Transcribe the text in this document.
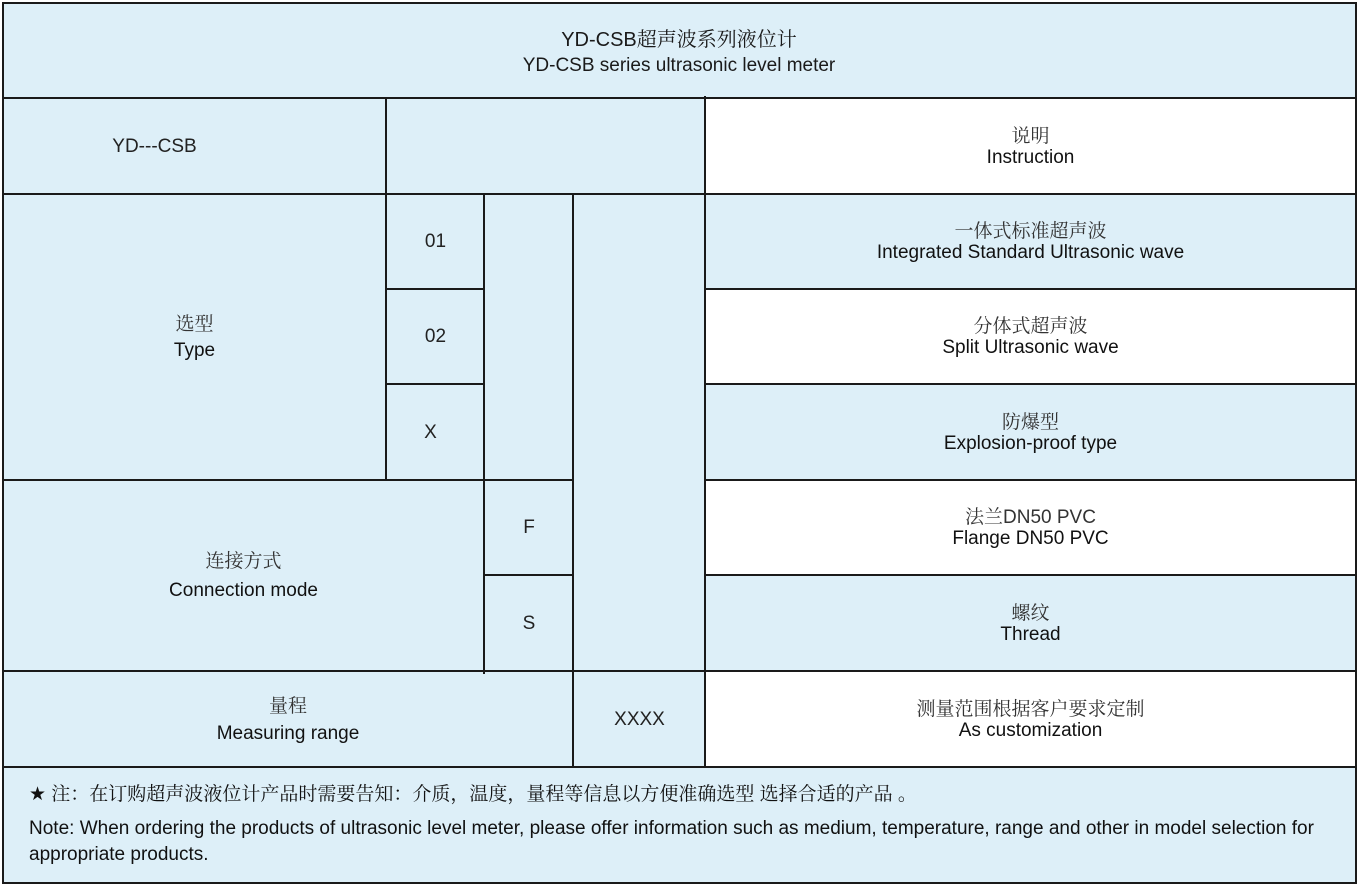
YD-CSB超声波系列液位计
YD-CSB series ultrasonic level meter
YD---CSB	说明
Instruction
选型
Type
01
02
X
一体式标准超声波
Integrated Standard Ultrasonic wave
分体式超声波
Split Ultrasonic wave
防爆型
Explosion-proof type
连接方式
Connection mode
F
S
法兰DN50 PVC
Flange DN50 PVC
螺纹
Thread
量程
Measuring range
XXXX	测量范围根据客户要求定制
As customization

★ 注：在订购超声波液位计产品时需要告知：介质，温度，量程等信息以方便准确选型 选择合适的产品 。

Note: When ordering the products of ultrasonic level meter, please offer information such as medium, temperature, range and other in model selection for appropriate products.
